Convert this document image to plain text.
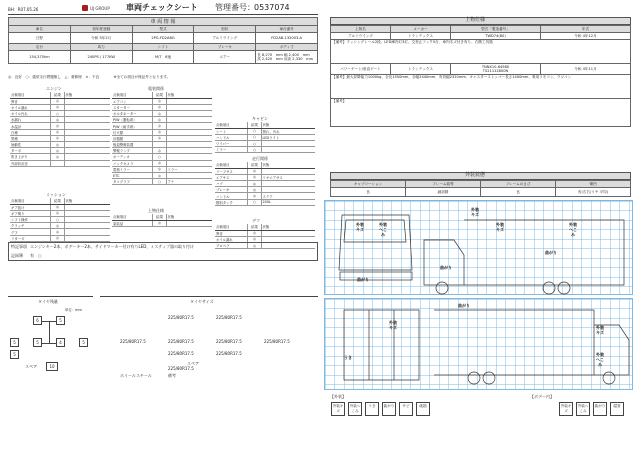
BH：R07.05.26	UJ GROUP 車両チェックシート 管理番号： 0537074
車 両 情 報				
車名	初年度登録	型式	形状	車台番号
日野	令和 5年2月	2PG-FD2ABG	アルミウイング	FD2AB-132003-A
走行	馬力	シフト	ブレーキ	ボディ寸
154,375km	240PS / 177KW	M/T　6速	エアー	長 8,270　mm 幅 2,400　mm
高 2,420　mm 床高 2,330　mm
◎：良好　○：通常走行問題無し　△：要修理　×：不良　　　　※全ての項目が保証外となります。
エンジン
点検項目	結果	状態
異音	◎	
オイル漏れ	◎	
オイル汚れ	○	
水漏れ	◎	
水温計	◎	
白煙	◎	
黒煙	◎	
始動性	◎	
ターボ	◎	
吹き上がり	◎	
外部状況音		
ミッション
点検項目	結果	状態
ギア抜け	◎	
ギア鳴り	◎	
シフト操作	○	
クラッチ	◎	
デフ	◎	
リターダ	◎	
電装関係
点検項目	結果	状態
エアコン	◎	
スターター	◎	
オルタネーター	◎	
P/W（運転席）	◎	
P/W（助手席）	◎	
灯火類	◎	
計器類	◎	
後退警報装置		
警報ランプ	◎	
オーディオ	○	
バックカメラ	◎	
電格ミラー	◎	ミラー
ETC	◎	
タコグラフ	○	アナ
上物仕様
点検項目	結果	状態
架装品	◎	
キャビン
点検項目	結果	状態
シート	○	擦れ、汚れ
ハンドル	○	LEDライト
ワイパー	○	
ミラー	○	
走行関係
点検項目	結果	状態
リーフサス	◎	
エアサス	◎	リヤエアサス
ハブ	◎	
ブレーキ	◎	
ハンドル	◎	ステア
燃料タンク	○	200L
デフ
点検項目	結果	状態
異音	◎	
オイル漏れ	◎	
プロペラ	◎	
特記事項 エンジンキー2本、ボデーキー2本、サイドマーカー付け有りLED、ミスティプ器の取り付け
記録簿 有　○
タイヤ残量
単位：mm
6	5
5	5	4	5
5
スペア	10
タイヤサイズ
225/80R17.5	225/80R17.5
225/80R17.5	225/80R17.5	225/80R17.5	225/80R17.5
225/80R17.5	225/80R17.5
スペア
225/80R17.5
ホイール スチール	備考
上物仕様
上物名	メーカー	型式「製造番号」	年式
アルミウイング	トランテックス	TWD74(8S)	令和 4年12月
【備考】ラッシングレール2段、LED庫内灯3灯、交差止フック5台、車内木ズ付き有り、右側工具箱			
パワーゲート/垂直ゲート	トランテックス	TNNX10-64980
TS21112800N	令和 4年11月
【備考】最大昇降能力1000kg、全長1550mm、全幅2440mm、有効幅2310mm、キャスターストッパー長さ1400mm、乗用リモコン、ラジコン			
【備考】			
外装状態
キャブコーション	フレーム曲等	フレームのさび	傷凹
良	細部錆	良	有(右右/リヤ 平均)
外装キズ
外装へこみ
外装キズ
曲がり
曲がり
外装キズ
曲がり
外装へこみ
外装キズ
うき
曲がり
外装キズ
外装へこみ
【外装】	【ボデー内】
外装キズ
外装へこみ
うき	曲がり	サビ	破損	外装キズ
外装へこみ
曲がり	腐食
